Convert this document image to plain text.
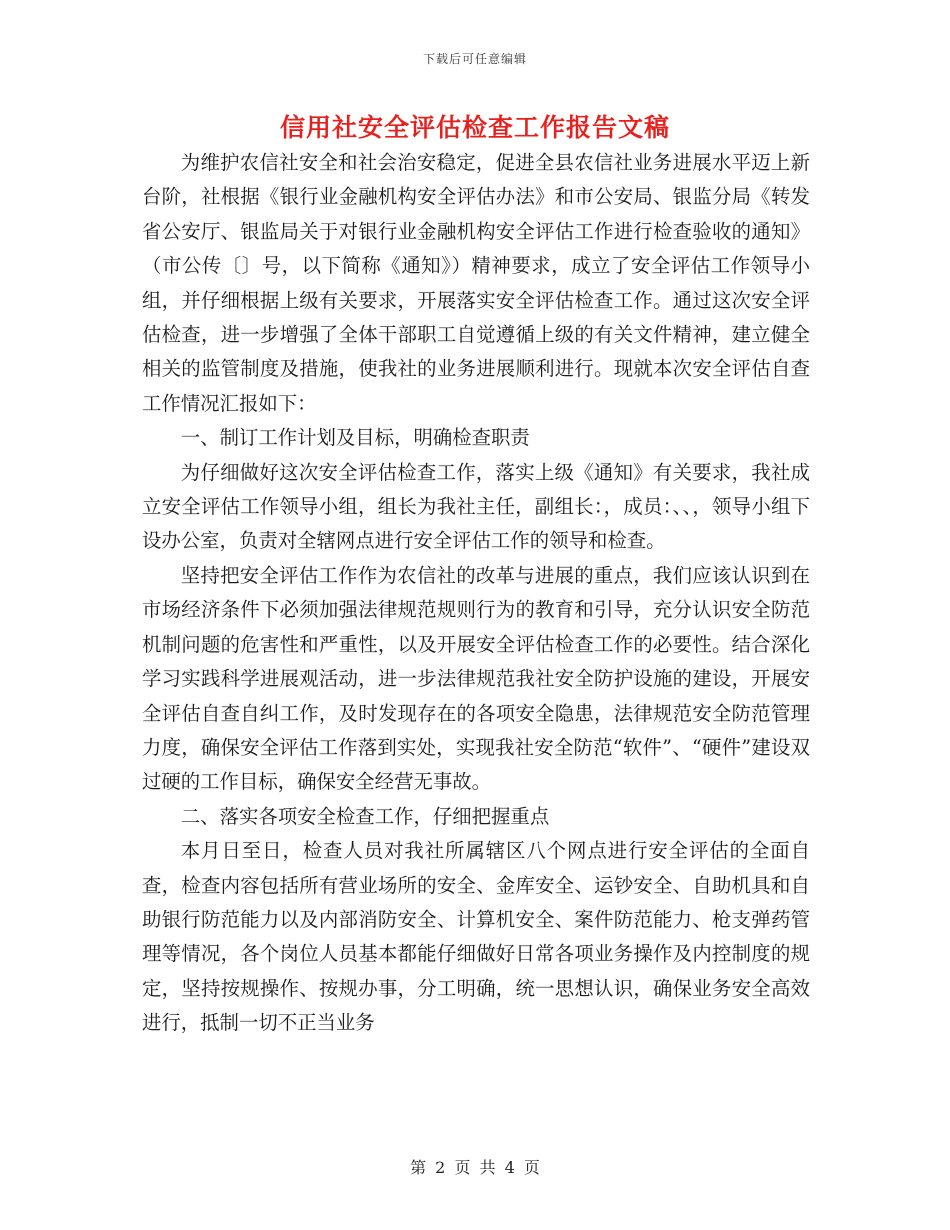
下载后可任意编辑
信用社安全评估检查工作报告文稿

为维护农信社安全和社会治安稳定，促进全县农信社业务进展水平迈上新台阶，社根据《银行业金融机构安全评估办法》和市公安局、银监分局《转发省公安厅、银监局关于对银行业金融机构安全评估工作进行检查验收的通知》（市公传〔〕号，以下简称《通知》）精神要求，成立了安全评估工作领导小组，并仔细根据上级有关要求，开展落实安全评估检查工作。通过这次安全评估检查，进一步增强了全体干部职工自觉遵循上级的有关文件精神，建立健全相关的监管制度及措施，使我社的业务进展顺利进行。现就本次安全评估自查工作情况汇报如下：

一、制订工作计划及目标，明确检查职责

为仔细做好这次安全评估检查工作，落实上级《通知》有关要求，我社成立安全评估工作领导小组，组长为我社主任，副组长：，成员：、、，领导小组下设办公室，负责对全辖网点进行安全评估工作的领导和检查。

坚持把安全评估工作作为农信社的改革与进展的重点，我们应该认识到在市场经济条件下必须加强法律规范规则行为的教育和引导，充分认识安全防范机制问题的危害性和严重性，以及开展安全评估检查工作的必要性。结合深化学习实践科学进展观活动，进一步法律规范我社安全防护设施的建设，开展安全评估自查自纠工作，及时发现存在的各项安全隐患，法律规范安全防范管理力度，确保安全评估工作落到实处，实现我社安全防范“软件”、“硬件”建设双过硬的工作目标，确保安全经营无事故。

二、落实各项安全检查工作，仔细把握重点

本月日至日，检查人员对我社所属辖区八个网点进行安全评估的全面自查，检查内容包括所有营业场所的安全、金库安全、运钞安全、自助机具和自助银行防范能力以及内部消防安全、计算机安全、案件防范能力、枪支弹药管理等情况，各个岗位人员基本都能仔细做好日常各项业务操作及内控制度的规定，坚持按规操作、按规办事，分工明确，统一思想认识，确保业务安全高效进行，抵制一切不正当业务

第 2 页 共 4 页
